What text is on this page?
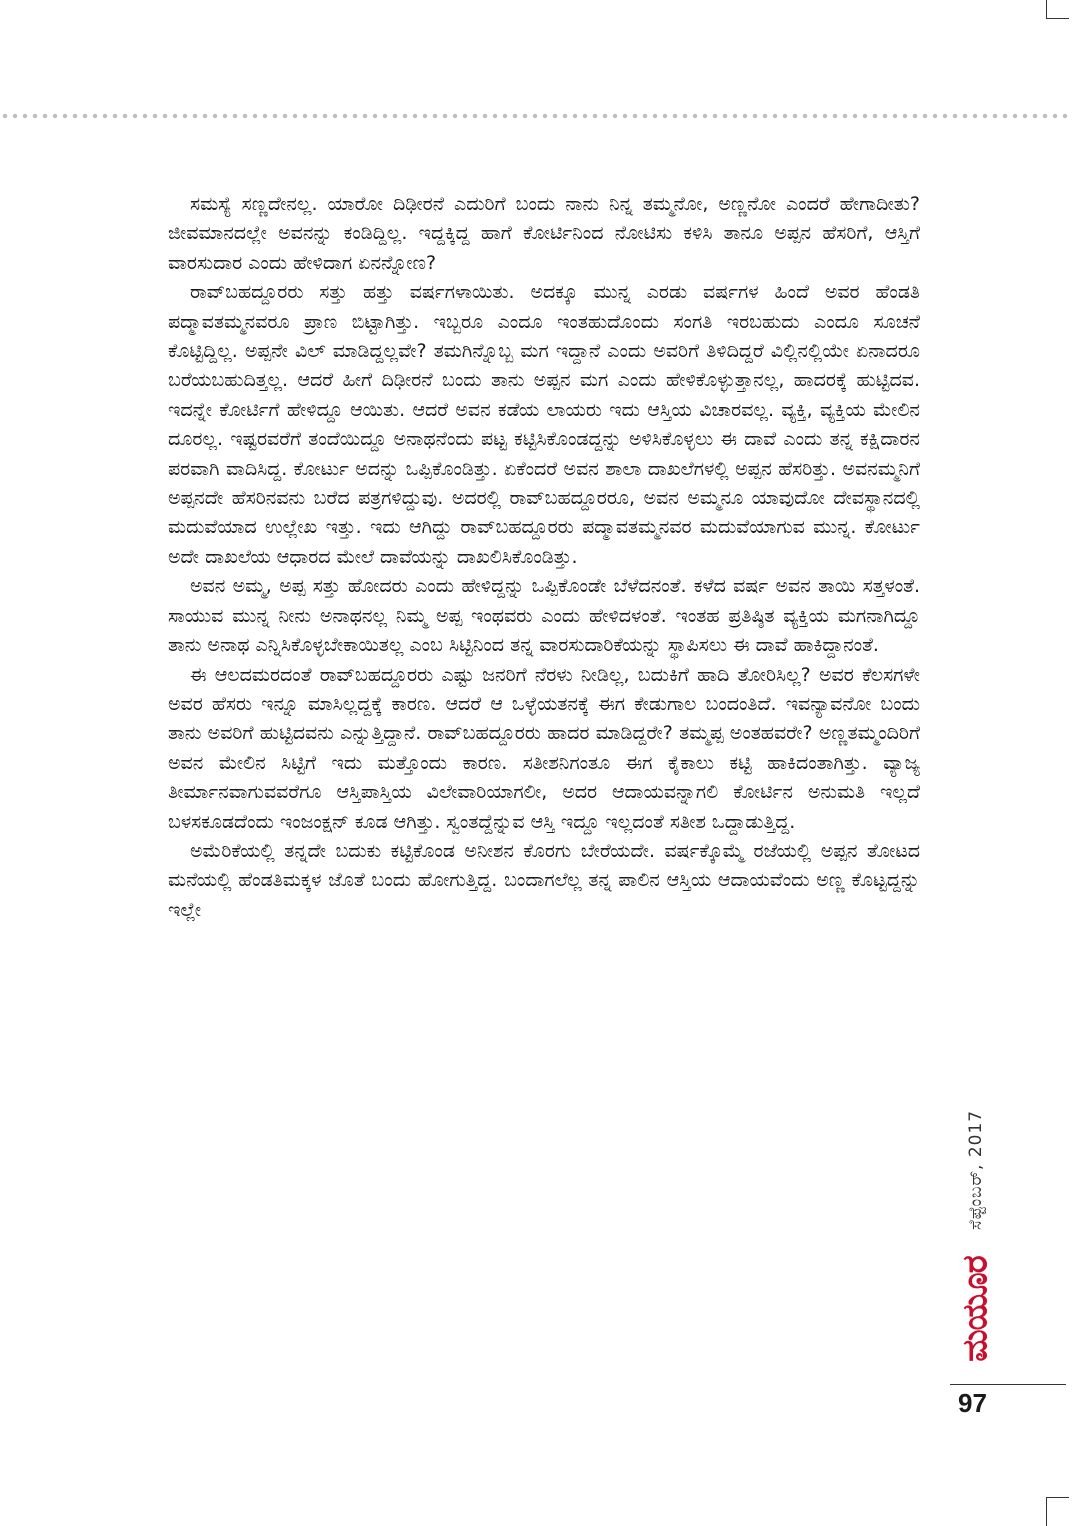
ಸಮಸ್ಯೆ ಸಣ್ಣದೇನಲ್ಲ. ಯಾರೋ ದಿಢೀರನೆ ಎದುರಿಗೆ ಬಂದು ನಾನು ನಿನ್ನ ತಮ್ಮನೋ, ಅಣ್ಣನೋ ಎಂದರೆ ಹೇಗಾದೀತು? ಜೀವಮಾನದಲ್ಲೇ ಅವನನ್ನು ಕಂಡಿದ್ದಿಲ್ಲ. ಇದ್ದಕ್ಕಿದ್ದ ಹಾಗೆ ಕೋರ್ಟಿನಿಂದ ನೋಟಿಸು ಕಳಿಸಿ ತಾನೂ ಅಪ್ಪನ ಹೆಸರಿಗೆ, ಆಸ್ತಿಗೆ ವಾರಸುದಾರ ಎಂದು ಹೇಳಿದಾಗ ಏನನ್ನೋಣ?

ರಾವ್‌ಬಹದ್ದೂರರು ಸತ್ತು ಹತ್ತು ವರ್ಷಗಳಾಯಿತು. ಅದಕ್ಕೂ ಮುನ್ನ ಎರಡು ವರ್ಷಗಳ ಹಿಂದೆ ಅವರ ಹೆಂಡತಿ ಪದ್ಮಾವತಮ್ಮನವರೂ ಪ್ರಾಣ ಬಿಟ್ಟಾಗಿತ್ತು. ಇಬ್ಬರೂ ಎಂದೂ ಇಂತಹುದೊಂದು ಸಂಗತಿ ಇರಬಹುದು ಎಂದೂ ಸೂಚನೆ ಕೊಟ್ಟಿದ್ದಿಲ್ಲ. ಅಪ್ಪನೇ ವಿಲ್ ಮಾಡಿದ್ದಲ್ಲವೇ? ತಮಗಿನ್ನೊಬ್ಬ ಮಗ ಇದ್ದಾನೆ ಎಂದು ಅವರಿಗೆ ತಿಳಿದಿದ್ದರೆ ವಿಲ್ಲಿನಲ್ಲಿಯೇ ಏನಾದರೂ ಬರೆಯಬಹುದಿತ್ತಲ್ಲ. ಆದರೆ ಹೀಗೆ ದಿಢೀರನೆ ಬಂದು ತಾನು ಅಪ್ಪನ ಮಗ ಎಂದು ಹೇಳಿಕೊಳ್ಳುತ್ತಾನಲ್ಲ, ಹಾದರಕ್ಕೆ ಹುಟ್ಟಿದವ. ಇದನ್ನೇ ಕೋರ್ಟಿಗೆ ಹೇಳಿದ್ದೂ ಆಯಿತು. ಆದರೆ ಅವನ ಕಡೆಯ ಲಾಯರು ಇದು ಆಸ್ತಿಯ ವಿಚಾರವಲ್ಲ. ವ್ಯಕ್ತಿ, ವ್ಯಕ್ತಿಯ ಮೇಲಿನ ದೂರಲ್ಲ. ಇಷ್ಟರವರೆಗೆ ತಂದೆಯಿದ್ದೂ ಅನಾಥನೆಂದು ಪಟ್ಟ ಕಟ್ಟಿಸಿಕೊಂಡದ್ದನ್ನು ಅಳಿಸಿಕೊಳ್ಳಲು ಈ ದಾವೆ ಎಂದು ತನ್ನ ಕಕ್ಷಿದಾರನ ಪರವಾಗಿ ವಾದಿಸಿದ್ದ. ಕೋರ್ಟು ಅದನ್ನು ಒಪ್ಪಿಕೊಂಡಿತ್ತು. ಏಕೆಂದರೆ ಅವನ ಶಾಲಾ ದಾಖಲೆಗಳಲ್ಲಿ ಅಪ್ಪನ ಹೆಸರಿತ್ತು. ಅವನಮ್ಮನಿಗೆ ಅಪ್ಪನದೇ ಹೆಸರಿನವನು ಬರೆದ ಪತ್ರಗಳಿದ್ದುವು. ಅದರಲ್ಲಿ ರಾವ್‌ಬಹದ್ದೂರರೂ, ಅವನ ಅಮ್ಮನೂ ಯಾವುದೋ ದೇವಸ್ಥಾನದಲ್ಲಿ ಮದುವೆಯಾದ ಉಲ್ಲೇಖ ಇತ್ತು. ಇದು ಆಗಿದ್ದು ರಾವ್‌ಬಹದ್ದೂರರು ಪದ್ಮಾವತಮ್ಮನವರ ಮದುವೆಯಾಗುವ ಮುನ್ನ. ಕೋರ್ಟು ಅದೇ ದಾಖಲೆಯ ಆಧಾರದ ಮೇಲೆ ದಾವೆಯನ್ನು ದಾಖಲಿಸಿಕೊಂಡಿತ್ತು.

ಅವನ ಅಮ್ಮ, ಅಪ್ಪ ಸತ್ತು ಹೋದರು ಎಂದು ಹೇಳಿದ್ದನ್ನು ಒಪ್ಪಿಕೊಂಡೇ ಬೆಳೆದನಂತೆ. ಕಳೆದ ವರ್ಷ ಅವನ ತಾಯಿ ಸತ್ತಳಂತೆ. ಸಾಯುವ ಮುನ್ನ ನೀನು ಅನಾಥನಲ್ಲ ನಿಮ್ಮ ಅಪ್ಪ ಇಂಥವರು ಎಂದು ಹೇಳಿದಳಂತೆ. ಇಂತಹ ಪ್ರತಿಷ್ಠಿತ ವ್ಯಕ್ತಿಯ ಮಗನಾಗಿದ್ದೂ ತಾನು ಅನಾಥ ಎನ್ನಿಸಿಕೊಳ್ಳಬೇಕಾಯಿತಲ್ಲ ಎಂಬ ಸಿಟ್ಟಿನಿಂದ ತನ್ನ ವಾರಸುದಾರಿಕೆಯನ್ನು ಸ್ಥಾಪಿಸಲು ಈ ದಾವೆ ಹಾಕಿದ್ದಾನಂತೆ.

ಈ ಆಲದಮರದಂತೆ ರಾವ್‌ಬಹದ್ದೂರರು ಎಷ್ಟು ಜನರಿಗೆ ನೆರಳು ನೀಡಿಲ್ಲ, ಬದುಕಿಗೆ ಹಾದಿ ತೋರಿಸಿಲ್ಲ? ಅವರ ಕೆಲಸಗಳೇ ಅವರ ಹೆಸರು ಇನ್ನೂ ಮಾಸಿಲ್ಲದ್ದಕ್ಕೆ ಕಾರಣ. ಆದರೆ ಆ ಒಳ್ಳೆಯತನಕ್ಕೆ ಈಗ ಕೇಡುಗಾಲ ಬಂದಂತಿದೆ. ಇವನ್ಯಾವನೋ ಬಂದು ತಾನು ಅವರಿಗೆ ಹುಟ್ಟಿದವನು ಎನ್ನುತ್ತಿದ್ದಾನೆ. ರಾವ್‌ಬಹದ್ದೂರರು ಹಾದರ ಮಾಡಿದ್ದರೇ? ತಮ್ಮಪ್ಪ ಅಂತಹವರೇ? ಅಣ್ಣತಮ್ಮಂದಿರಿಗೆ ಅವನ ಮೇಲಿನ ಸಿಟ್ಟಿಗೆ ಇದು ಮತ್ತೊಂದು ಕಾರಣ. ಸತೀಶನಿಗಂತೂ ಈಗ ಕೈಕಾಲು ಕಟ್ಟಿ ಹಾಕಿದಂತಾಗಿತ್ತು. ವ್ಯಾಜ್ಯ ತೀರ್ಮಾನವಾಗುವವರೆಗೂ ಆಸ್ತಿಪಾಸ್ತಿಯ ವಿಲೇವಾರಿಯಾಗಲೀ, ಅದರ ಆದಾಯವನ್ನಾಗಲಿ ಕೋರ್ಟಿನ ಅನುಮತಿ ಇಲ್ಲದೆ ಬಳಸಕೂಡದೆಂದು ಇಂಜಂಕ್ಷನ್ ಕೂಡ ಆಗಿತ್ತು. ಸ್ವಂತದ್ದೆನ್ನುವ ಆಸ್ತಿ ಇದ್ದೂ ಇಲ್ಲದಂತೆ ಸತೀಶ ಒದ್ದಾಡುತ್ತಿದ್ದ.

ಅಮೆರಿಕೆಯಲ್ಲಿ ತನ್ನದೇ ಬದುಕು ಕಟ್ಟಿಕೊಂಡ ಅನೀಶನ ಕೊರಗು ಬೇರೆಯದೇ. ವರ್ಷಕ್ಕೊಮ್ಮೆ ರಜೆಯಲ್ಲಿ ಅಪ್ಪನ ತೋಟದ ಮನೆಯಲ್ಲಿ ಹೆಂಡತಿಮಕ್ಕಳ ಜೊತೆ ಬಂದು ಹೋಗುತ್ತಿದ್ದ. ಬಂದಾಗಲೆಲ್ಲ ತನ್ನ ಪಾಲಿನ ಆಸ್ತಿಯ ಆದಾಯವೆಂದು ಅಣ್ಣ ಕೊಟ್ಟದ್ದನ್ನು ಇಲ್ಲೇ

ಸೆಪ್ಟೆಂಬರ್, 2017
ಮಯೂರ
97
